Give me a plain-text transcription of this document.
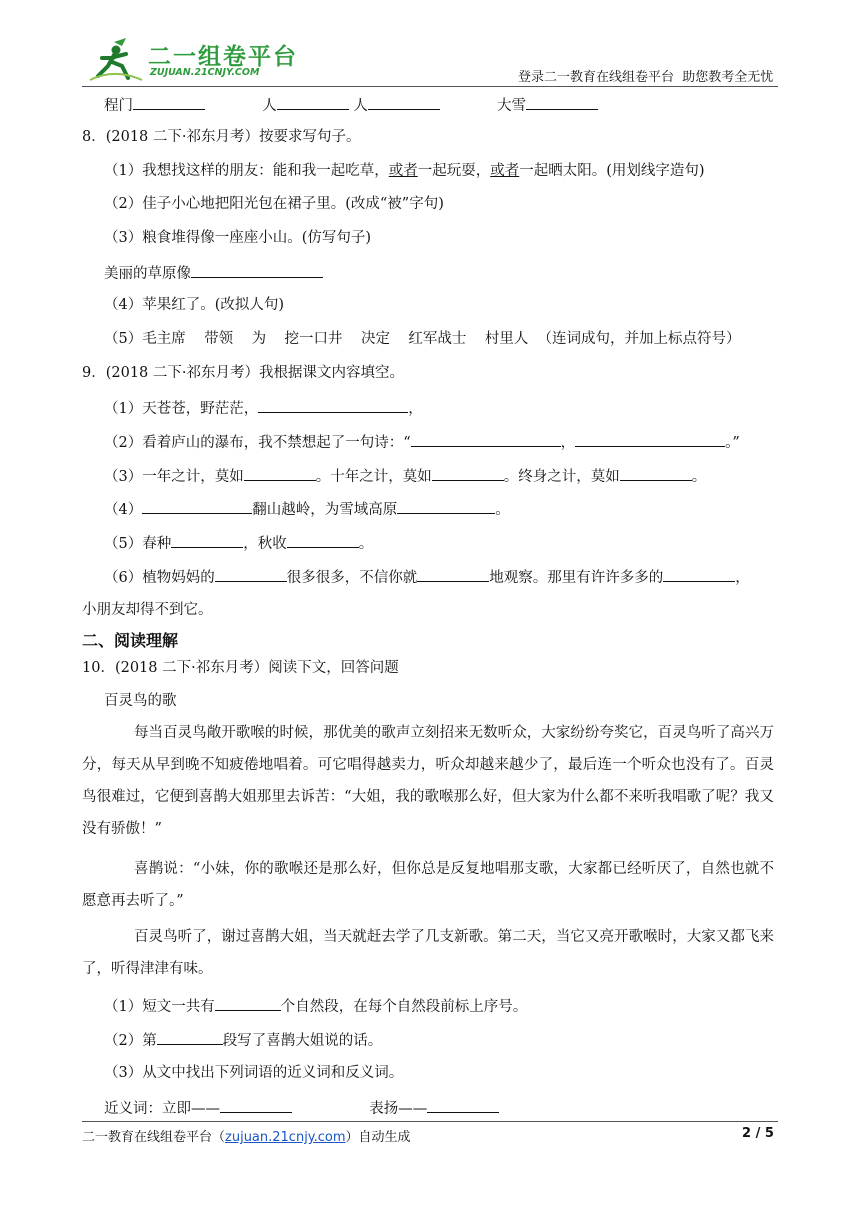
二一组卷平台
ZUJUAN.21CNJY.COM	登录二一教育在线组卷平台  助您教考全无忧
程门	人	人	大雪
8．(2018 二下·祁东月考）按要求写句子。
（1）我想找这样的朋友：能和我一起吃草，或者一起玩耍，或者一起晒太阳。(用划线字造句)
（2）佳子小心地把阳光包在裙子里。(改成“被”字句)
（3）粮食堆得像一座座小山。(仿写句子)
美丽的草原像
（4）苹果红了。(改拟人句)
（5）毛主席    带领    为    挖一口井    决定    红军战士    村里人  （连词成句，并加上标点符号）
9．(2018 二下·祁东月考）我根据课文内容填空。
（1）天苍苍，野茫茫，	，
（2）看着庐山的瀑布，我不禁想起了一句诗：“	，	。”
（3）一年之计，莫如	。十年之计，莫如	。终身之计，莫如	。
（4）	翻山越岭，为雪域高原	。
（5）春种	，秋收	。
（6）植物妈妈的	很多很多，不信你就	地观察。那里有许许多多的	，
小朋友却得不到它。
二、阅读理解
10．(2018 二下·祁东月考）阅读下文，回答问题
百灵鸟的歌
每当百灵鸟敞开歌喉的时候，那优美的歌声立刻招来无数听众，大家纷纷夸奖它，百灵鸟听了高兴万分，每天从早到晚不知疲倦地唱着。可它唱得越卖力，听众却越来越少了，最后连一个听众也没有了。百灵鸟很难过，它便到喜鹊大姐那里去诉苦：“大姐，我的歌喉那么好，但大家为什么都不来听我唱歌了呢？我又没有骄傲！”
喜鹊说：“小妹，你的歌喉还是那么好，但你总是反复地唱那支歌，大家都已经听厌了，自然也就不愿意再去听了。”
百灵鸟听了，谢过喜鹊大姐，当天就赶去学了几支新歌。第二天，当它又亮开歌喉时，大家又都飞来了，听得津津有味。
（1）短文一共有	个自然段，在每个自然段前标上序号。
（2）第	段写了喜鹊大姐说的话。
（3）从文中找出下列词语的近义词和反义词。
近义词：立即——	表扬——
二一教育在线组卷平台（zujuan.21cnjy.com）自动生成	2 / 5
